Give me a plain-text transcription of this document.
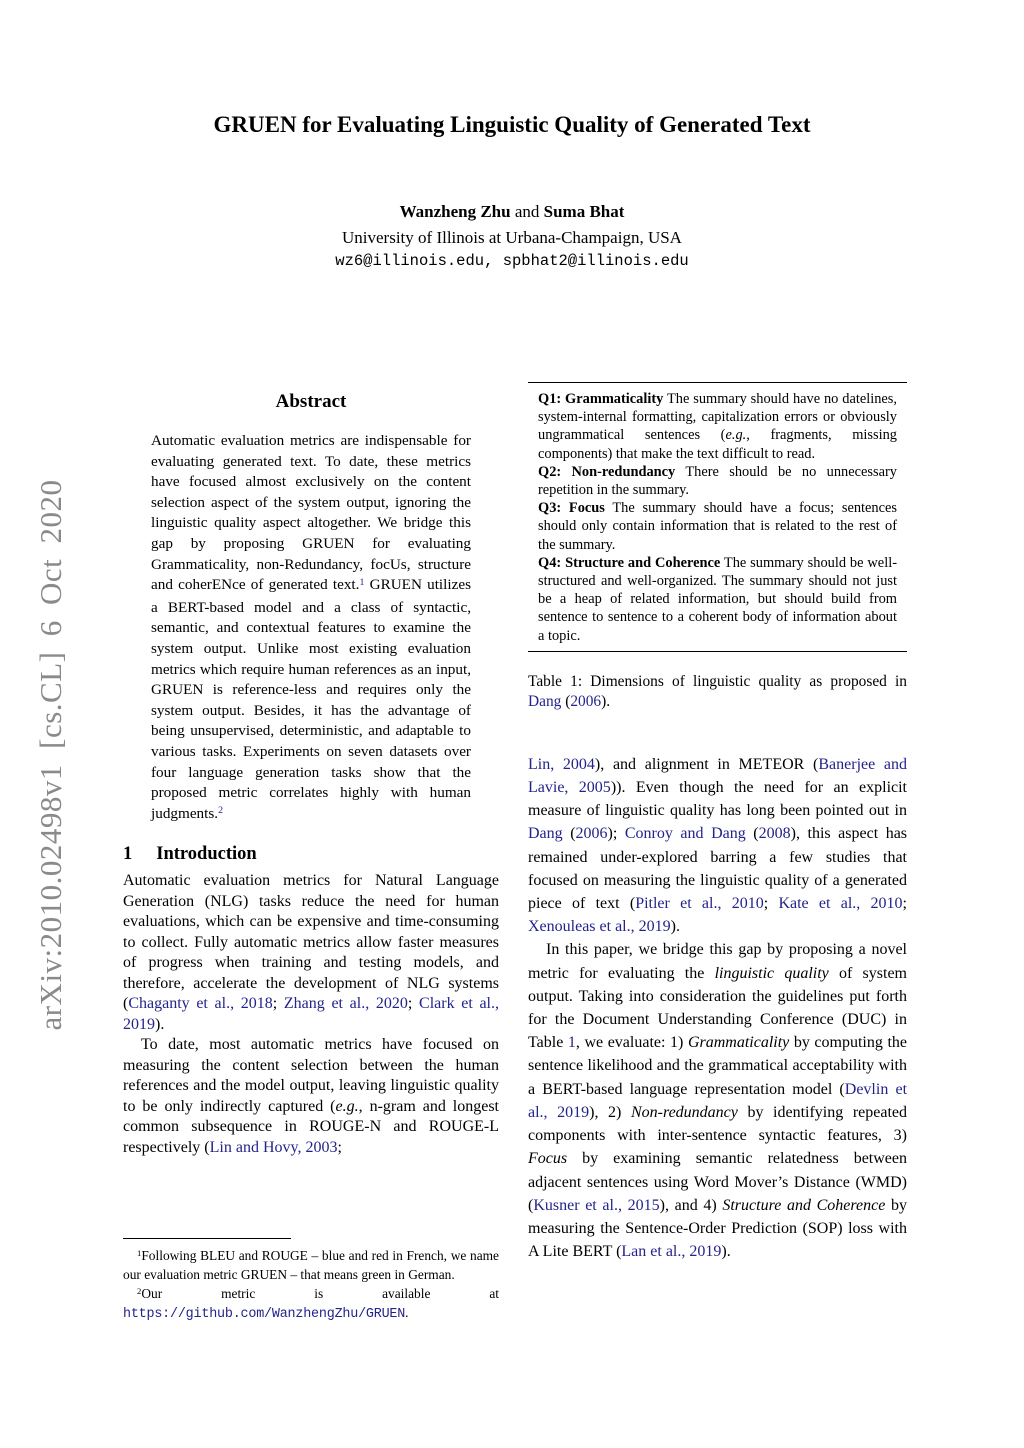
arXiv:2010.02498v1 [cs.CL] 6 Oct 2020
GRUEN for Evaluating Linguistic Quality of Generated Text
Wanzheng Zhu and Suma Bhat
University of Illinois at Urbana-Champaign, USA
wz6@illinois.edu, spbhat2@illinois.edu
Abstract

Automatic evaluation metrics are indispensable for evaluating generated text. To date, these metrics have focused almost exclusively on the content selection aspect of the system output, ignoring the linguistic quality aspect altogether. We bridge this gap by proposing GRUEN for evaluating Grammaticality, non-Redundancy, focUs, structure and coherENce of generated text.$^1$ GRUEN utilizes a BERT-based model and a class of syntactic, semantic, and contextual features to examine the system output. Unlike most existing evaluation metrics which require human references as an input, GRUEN is reference-less and requires only the system output. Besides, it has the advantage of being unsupervised, deterministic, and adaptable to various tasks. Experiments on seven datasets over four language generation tasks show that the proposed metric correlates highly with human judgments.$^2$

1 Introduction

Automatic evaluation metrics for Natural Language Generation (NLG) tasks reduce the need for human evaluations, which can be expensive and time-consuming to collect. Fully automatic metrics allow faster measures of progress when training and testing models, and therefore, accelerate the development of NLG systems (Chaganty et al., 2018; Zhang et al., 2020; Clark et al., 2019).

To date, most automatic metrics have focused on measuring the content selection between the human references and the model output, leaving linguistic quality to be only indirectly captured (e.g., n-gram and longest common subsequence in ROUGE-N and ROUGE-L respectively (Lin and Hovy, 2003;

$^1$Following BLEU and ROUGE – blue and red in French, we name our evaluation metric GRUEN – that means green in German.

$^2$Our metric is available at https://github.com/WanzhengZhu/GRUEN.

Q1: Grammaticality The summary should have no datelines, system-internal formatting, capitalization errors or obviously ungrammatical sentences (e.g., fragments, missing components) that make the text difficult to read.

Q2: Non-redundancy There should be no unnecessary repetition in the summary.

Q3: Focus The summary should have a focus; sentences should only contain information that is related to the rest of the summary.

Q4: Structure and Coherence The summary should be well-structured and well-organized. The summary should not just be a heap of related information, but should build from sentence to sentence to a coherent body of information about a topic.

Table 1: Dimensions of linguistic quality as proposed in Dang (2006).

Lin, 2004), and alignment in METEOR (Banerjee and Lavie, 2005)). Even though the need for an explicit measure of linguistic quality has long been pointed out in Dang (2006); Conroy and Dang (2008), this aspect has remained under-explored barring a few studies that focused on measuring the linguistic quality of a generated piece of text (Pitler et al., 2010; Kate et al., 2010; Xenouleas et al., 2019).

In this paper, we bridge this gap by proposing a novel metric for evaluating the linguistic quality of system output. Taking into consideration the guidelines put forth for the Document Understanding Conference (DUC) in Table 1, we evaluate: 1) Grammaticality by computing the sentence likelihood and the grammatical acceptability with a BERT-based language representation model (Devlin et al., 2019), 2) Non-redundancy by identifying repeated components with inter-sentence syntactic features, 3) Focus by examining semantic relatedness between adjacent sentences using Word Mover’s Distance (WMD) (Kusner et al., 2015), and 4) Structure and Coherence by measuring the Sentence-Order Prediction (SOP) loss with A Lite BERT (Lan et al., 2019).
